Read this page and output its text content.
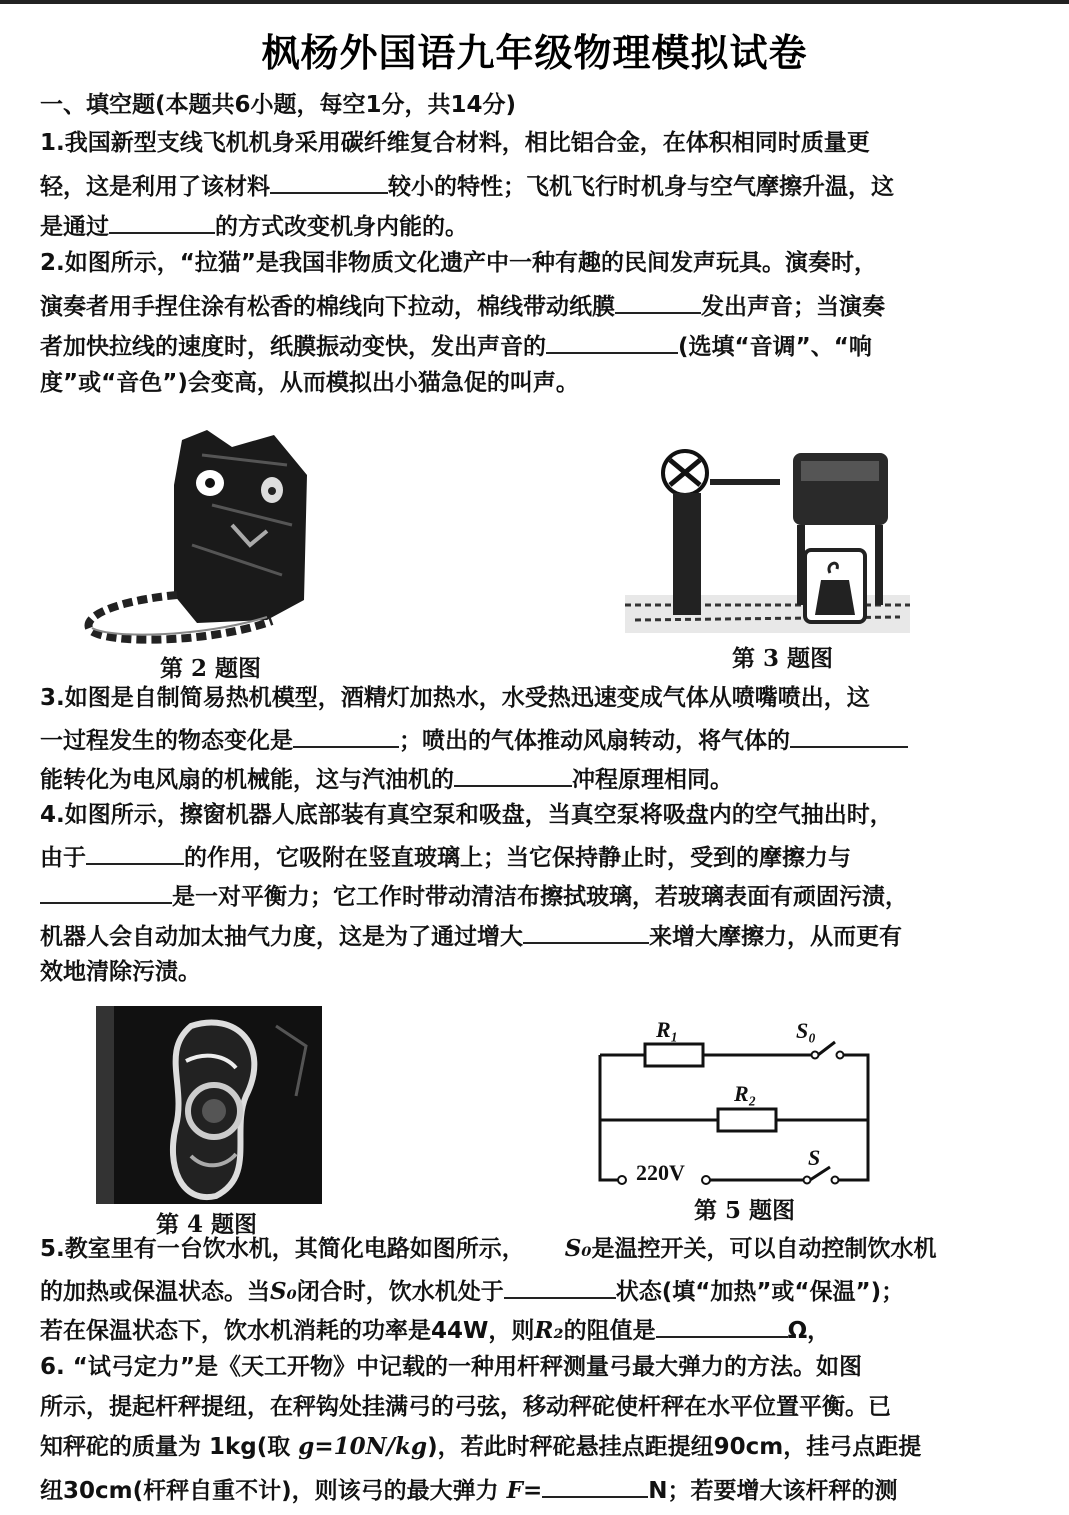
枫杨外国语九年级物理模拟试卷
一、填空题(本题共6小题，每空1分，共14分)
1.我国新型支线飞机机身采用碳纤维复合材料，相比铝合金，在体积相同时质量更
轻，这是利用了该材料	较小的特性；飞机飞行时机身与空气摩擦升温，这
是通过	的方式改变机身内能的。
2.如图所示，“拉猫”是我国非物质文化遗产中一种有趣的民间发声玩具。演奏时，
演奏者用手捏住涂有松香的棉线向下拉动，棉线带动纸膜	发出声音；当演奏
者加快拉线的速度时，纸膜振动变快，发出声音的	(选填“音调”、“响
度”或“音色”)会变高，从而模拟出小猫急促的叫声。
第 2 题图	第 3 题图
3.如图是自制简易热机模型，酒精灯加热水，水受热迅速变成气体从喷嘴喷出，这
一过程发生的物态变化是	；喷出的气体推动风扇转动，将气体的
能转化为电风扇的机械能，这与汽油机的	冲程原理相同。
4.如图所示，擦窗机器人底部装有真空泵和吸盘，当真空泵将吸盘内的空气抽出时，
由于	的作用，它吸附在竖直玻璃上；当它保持静止时，受到的摩擦力与
是一对平衡力；它工作时带动清洁布擦拭玻璃，若玻璃表面有顽固污渍，
机器人会自动加太抽气力度，这是为了通过增大	来增大摩擦力，从而更有
效地清除污渍。
第 4 题图
R₁
R₂
S₀
S
220V
第 5 题图
5.教室里有一台饮水机，其简化电路如图所示， S₀是温控开关，可以自动控制饮水机
的加热或保温状态。当S₀闭合时，饮水机处于	状态(填“加热”或“保温”)；
若在保温状态下，饮水机消耗的功率是44W，则R₂的阻值是	Ω，
6. “试弓定力”是《天工开物》中记载的一种用杆秤测量弓最大弹力的方法。如图
所示，提起杆秤提纽，在秤钩处挂满弓的弓弦，移动秤砣使杆秤在水平位置平衡。已
知秤砣的质量为 1kg(取 g=10N/kg)，若此时秤砣悬挂点距提纽90cm，挂弓点距提
纽30cm(杆秤自重不计)，则该弓的最大弹力 F=	N；若要增大该杆秤的测
